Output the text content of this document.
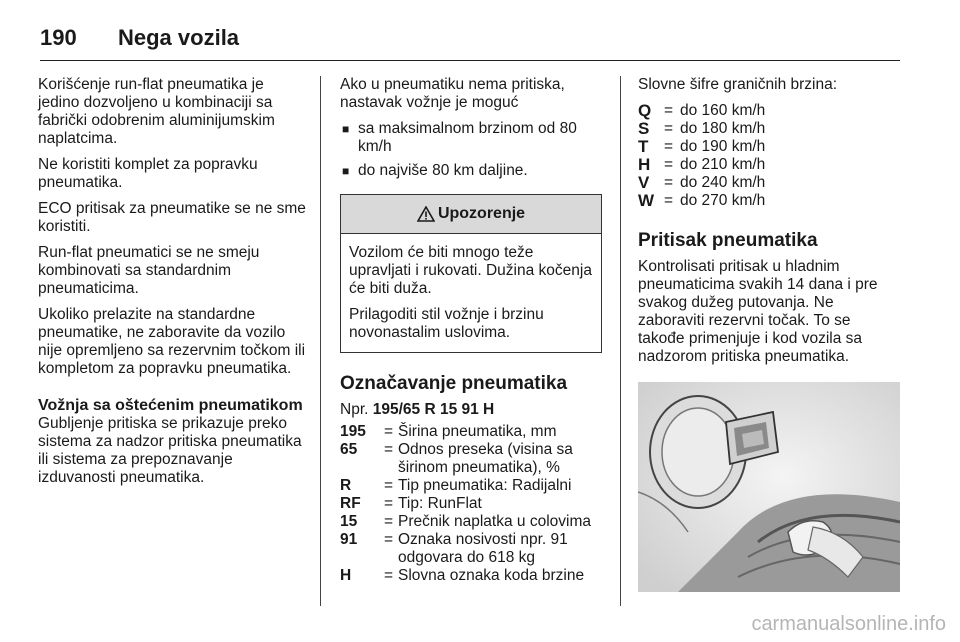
190	Nega vozila

Korišćenje run-flat pneumatika je jedino dozvoljeno u kombinaciji sa fabrički odobrenim aluminijumskim naplatcima.

Ne koristiti komplet za popravku pneumatika.

ECO pritisak za pneumatike se ne sme koristiti.

Run-flat pneumatici se ne smeju kombinovati sa standardnim pneumaticima.

Ukoliko prelazite na standardne pneumatike, ne zaboravite da vozilo nije opremljeno sa rezervnim točkom ili kompletom za popravku pneumatika.

Vožnja sa oštećenim pneumatikom

Gubljenje pritiska se prikazuje preko sistema za nadzor pritiska pneumatika ili sistema za prepoznavanje izduvanosti pneumatika.

Ako u pneumatiku nema pritiska, nastavak vožnje je moguć

■ sa maksimalnom brzinom od 80 km/h
■ do najviše 80 km daljine.
Upozorenje

Vozilom će biti mnogo teže upravljati i rukovati. Dužina kočenja će biti duža.

Prilagoditi stil vožnje i brzinu novonastalim uslovima.

Označavanje pneumatika

Npr. 195/65 R 15 91 H

195	= Širina pneumatika, mm
65	= Odnos preseka (visina sa širinom pneumatika), %
R	= Tip pneumatika: Radijalni
RF	= Tip: RunFlat
15	= Prečnik naplatka u colovima
91	= Oznaka nosivosti npr. 91 odgovara do 618 kg
H	= Slovna oznaka koda brzine

Slovne šifre graničnih brzina:

Q = do 160 km/h
S = do 180 km/h
T	= do 190 km/h
H = do 210 km/h
V = do 240 km/h
W = do 270 km/h
Pritisak pneumatika

Kontrolisati pritisak u hladnim pneumaticima svakih 14 dana i pre svakog dužeg putovanja. Ne zaboraviti rezervni točak. To se takođe primenjuje i kod vozila sa nadzorom pritiska pneumatika.

carmanualsonline.info
